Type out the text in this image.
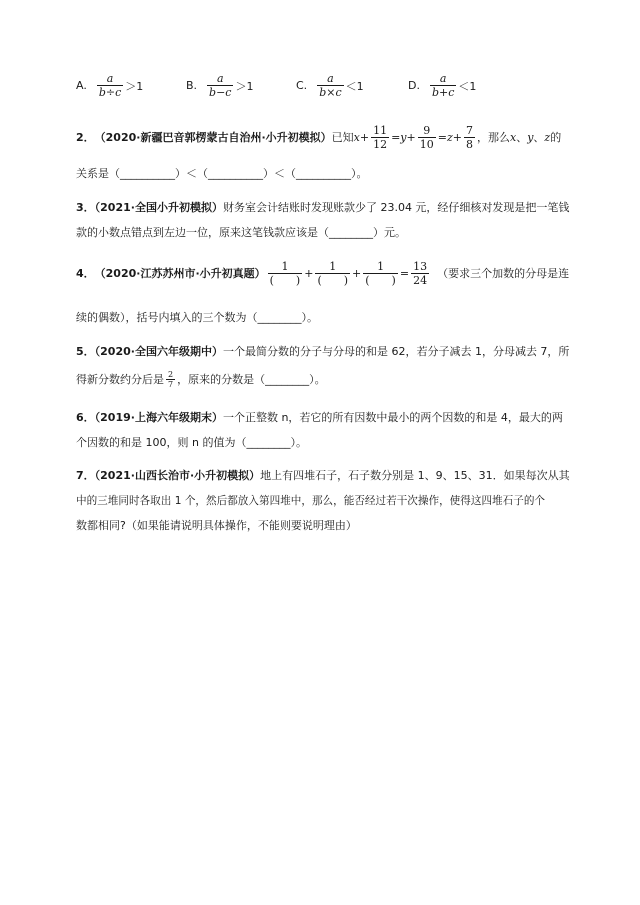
A. $\frac{a}{b\div c} >1$	B. $\frac{a}{b-c} >1$	C. $\frac{a}{b\times c} <1$	D. $\frac{a}{b+c} <1$
2． （2020·新疆巴音郭楞蒙古自治州·小升初模拟） 已知 $x + \frac{11}{12} = y + \frac{9}{10} = z + \frac{7}{8}$ ，那么 x 、 y 、 z 的
关系是（__________）＜（__________）＜（__________）。
3．（2021·全国小升初模拟）财务室会计结账时发现账款少了 23.04 元，经仔细核对发现是把一笔钱
款的小数点错点到左边一位，原来这笔钱款应该是（________）元。
4． （2020·江苏苏州市·小升初真题） $\frac{1}{( )} + \frac{1}{( )} + \frac{1}{( )} = \frac{13}{24}$ （要求三个加数的分母是连
续的偶数），括号内填入的三个数为（________）。
5．（2020·全国六年级期中）一个最简分数的分子与分母的和是 62，若分子减去 1，分母减去 7，所
得新分数约分后是 $\frac{2}{7}$ ，原来的分数是（________）。
6．（2019·上海六年级期末）一个正整数 n，若它的所有因数中最小的两个因数的和是 4，最大的两
个因数的和是 100，则 n 的值为（________）。
7．（2021·山西长治市·小升初模拟）地上有四堆石子，石子数分别是 1、9、15、31．如果每次从其
中的三堆同时各取出 1 个，然后都放入第四堆中，那么，能否经过若干次操作，使得这四堆石子的个
数都相同?（如果能请说明具体操作，不能则要说明理由）
